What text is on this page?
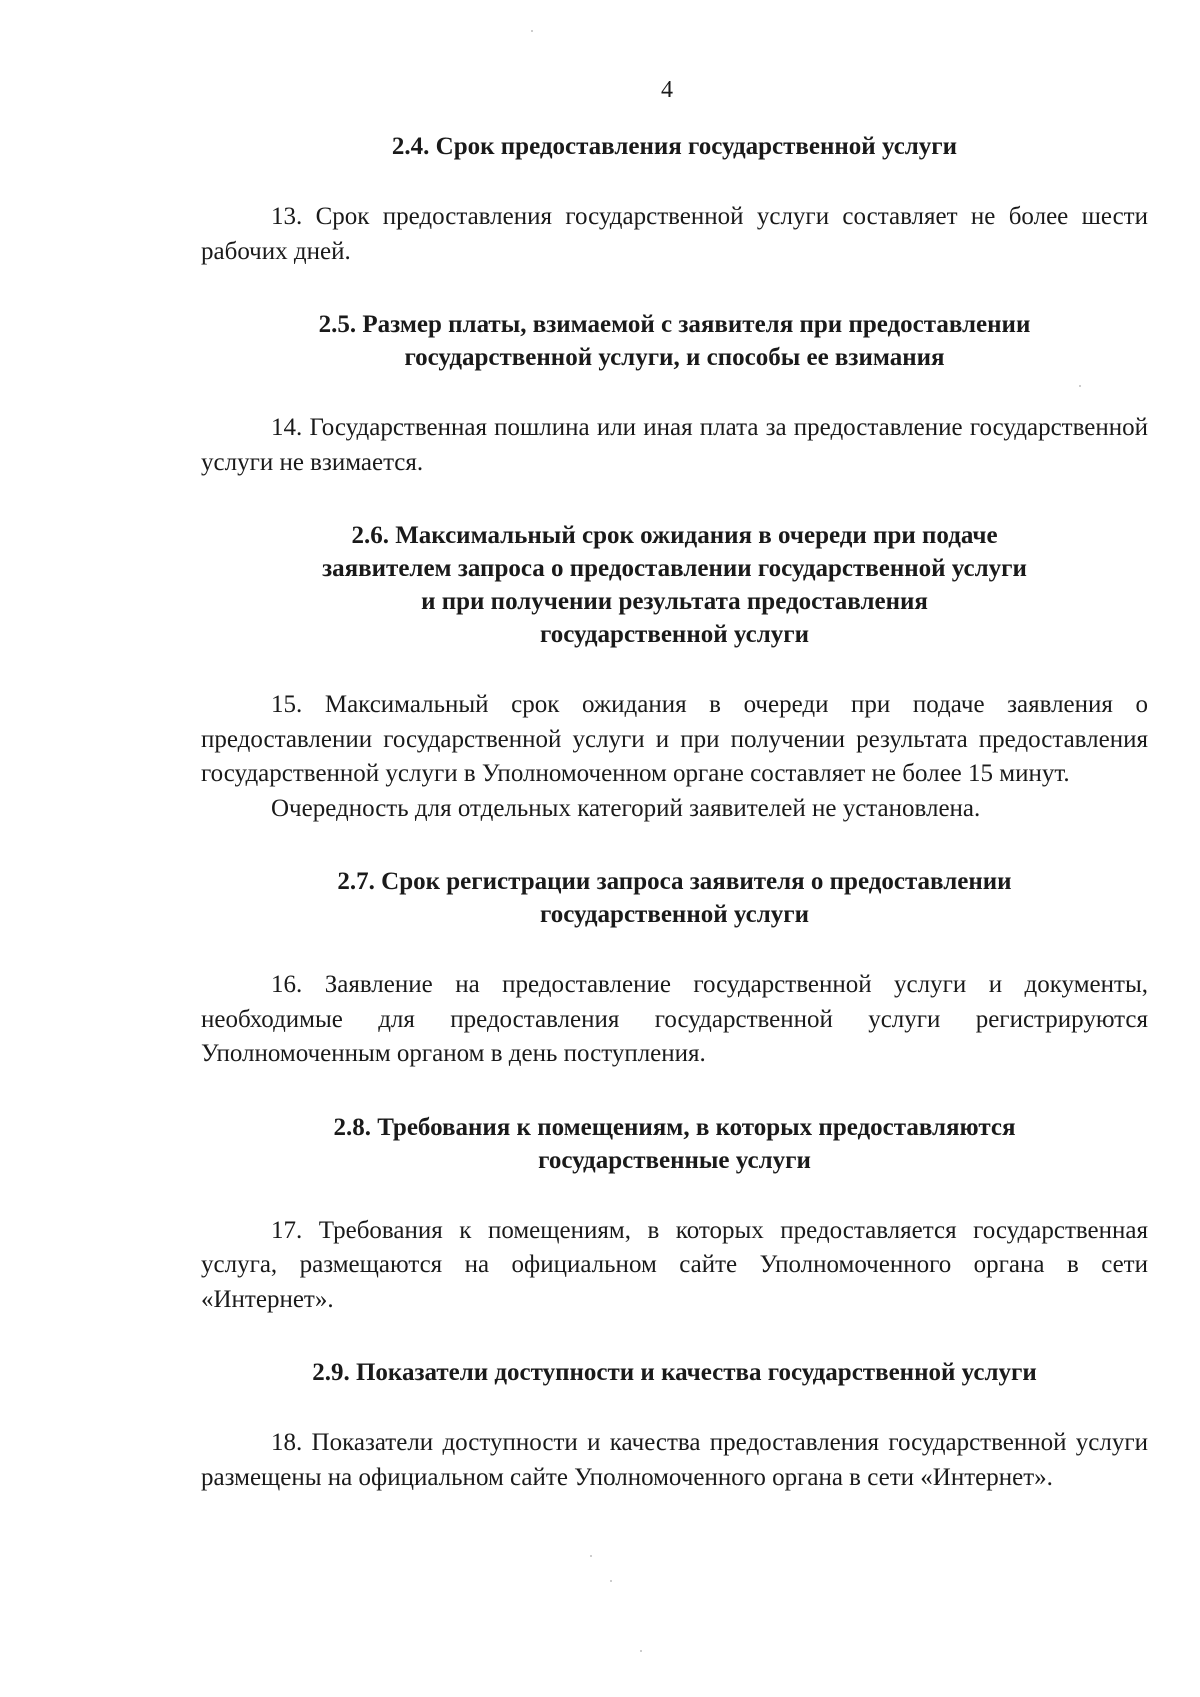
4

2.4. Срок предоставления государственной услуги

13. Срок предоставления государственной услуги составляет не более шести рабочих дней.

2.5. Размер платы, взимаемой с заявителя при предоставлении
государственной услуги, и способы ее взимания

14. Государственная пошлина или иная плата за предоставление государственной услуги не взимается.

2.6. Максимальный срок ожидания в очереди при подаче
заявителем запроса о предоставлении государственной услуги
и при получении результата предоставления
государственной услуги

15. Максимальный срок ожидания в очереди при подаче заявления о предоставлении государственной услуги и при получении результата предоставления государственной услуги в Уполномоченном органе составляет не более 15 минут.

Очередность для отдельных категорий заявителей не установлена.

2.7. Срок регистрации запроса заявителя о предоставлении
государственной услуги

16. Заявление на предоставление государственной услуги и документы, необходимые для предоставления государственной услуги регистрируются Уполномоченным органом в день поступления.

2.8. Требования к помещениям, в которых предоставляются
государственные услуги

17. Требования к помещениям, в которых предоставляется государственная услуга, размещаются на официальном сайте Уполномоченного органа в сети «Интернет».

2.9. Показатели доступности и качества государственной услуги

18. Показатели доступности и качества предоставления государственной услуги размещены на официальном сайте Уполномоченного органа в сети «Интернет».
